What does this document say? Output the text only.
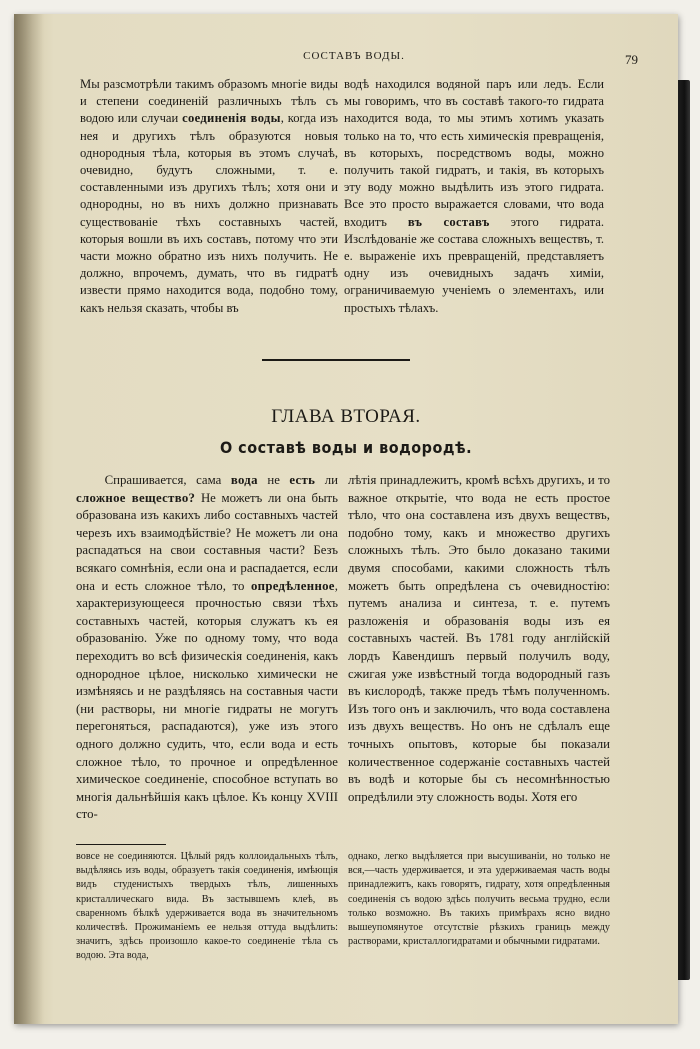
СОСТАВЪ ВОДЫ.	79

Мы разсмотрѣли такимъ образомъ многіе виды и степени соединеній различныхъ тѣлъ съ водою или случаи соединенія воды, когда изъ нея и другихъ тѣлъ образуются новыя однородныя тѣла, которыя въ этомъ случаѣ, очевидно, будутъ сложными, т. е. составленными изъ другихъ тѣлъ; хотя они и однородны, но въ нихъ должно признавать существованіе тѣхъ составныхъ частей, которыя вошли въ ихъ составъ, потому что эти части можно обратно изъ нихъ получить. Не должно, впрочемъ, думать, что въ гидратѣ извести прямо находится вода, подобно тому, какъ нельзя сказать, чтобы въ

водѣ находился водяной паръ или ледъ. Если мы говоримъ, что въ составѣ такого-то гидрата находится вода, то мы этимъ хотимъ указать только на то, что есть химическія превращенія, въ которыхъ, посредствомъ воды, можно получить такой гидратъ, и такія, въ которыхъ эту воду можно выдѣлить изъ этого гидрата. Все это просто выражается словами, что вода входитъ въ составъ этого гидрата. Изслѣдованіе же состава сложныхъ веществъ, т. е. выраженіе ихъ превращеній, представляетъ одну изъ очевидныхъ задачъ химіи, ограничиваемую ученіемъ о элементахъ, или простыхъ тѣлахъ.

ГЛАВА ВТОРАЯ.
О составѣ воды и водородѣ.

Спрашивается, сама вода не есть ли сложное вещество? Не можетъ ли она быть образована изъ какихъ либо составныхъ частей черезъ ихъ взаимодѣйствіе? Не можетъ ли она распадаться на свои составныя части? Безъ всякаго сомнѣнія, если она и распадается, если она и есть сложное тѣло, то опредѣленное, характеризующееся прочностью связи тѣхъ составныхъ частей, которыя служатъ къ ея образованію. Уже по одному тому, что вода переходитъ во всѣ физическія соединенія, какъ однородное цѣлое, нисколько химически не измѣняясь и не раздѣляясь на составныя части (ни растворы, ни многіе гидраты не могутъ перегоняться, распадаются), уже изъ этого одного должно судить, что, если вода и есть сложное тѣло, то прочное и опредѣленное химическое соединеніе, способное вступать во многія дальнѣйшія какъ цѣлое. Къ концу XVIII сто-

лѣтія принадлежитъ, кромѣ всѣхъ другихъ, и то важное открытіе, что вода не есть простое тѣло, что она составлена изъ двухъ веществъ, подобно тому, какъ и множество другихъ сложныхъ тѣлъ. Это было доказано такими двумя способами, какими сложность тѣлъ можетъ быть опредѣлена съ очевидностію: путемъ анализа и синтеза, т. е. путемъ разложенія и образованія воды изъ ея составныхъ частей. Въ 1781 году англійскій лордъ Кавендишъ первый получилъ воду, сжигая уже извѣстный тогда водородный газъ въ кислородѣ, также предъ тѣмъ полученномъ. Изъ того онъ и заключилъ, что вода составлена изъ двухъ веществъ. Но онъ не сдѣлалъ еще точныхъ опытовъ, которые бы показали количественное содержаніе составныхъ частей въ водѣ и которые бы съ несомнѣнностью опредѣлили эту сложность воды. Хотя его

вовсе не соединяются. Цѣлый рядъ коллоидальныхъ тѣлъ, выдѣляясь изъ воды, образуетъ такія соединенія, имѣющія видъ студенистыхъ твердыхъ тѣлъ, лишенныхъ кристаллическаго вида. Въ застывшемъ клеѣ, въ сваренномъ бѣлкѣ удерживается вода въ значительномъ количествѣ. Прожиманіемъ ее нельзя оттуда выдѣлить: значитъ, здѣсь произошло какое-то соединеніе тѣла съ водою. Эта вода,
однако, легко выдѣляется при высушиваніи, но только не вся,—часть удерживается, и эта удерживаемая часть воды принадлежитъ, какъ говорятъ, гидрату, хотя опредѣленныя соединенія съ водою здѣсь получить весьма трудно, если только возможно. Въ такихъ примѣрахъ ясно видно вышеупомянутое отсутствіе рѣзкихъ границъ между растворами, кристаллогидратами и обычными гидратами.
